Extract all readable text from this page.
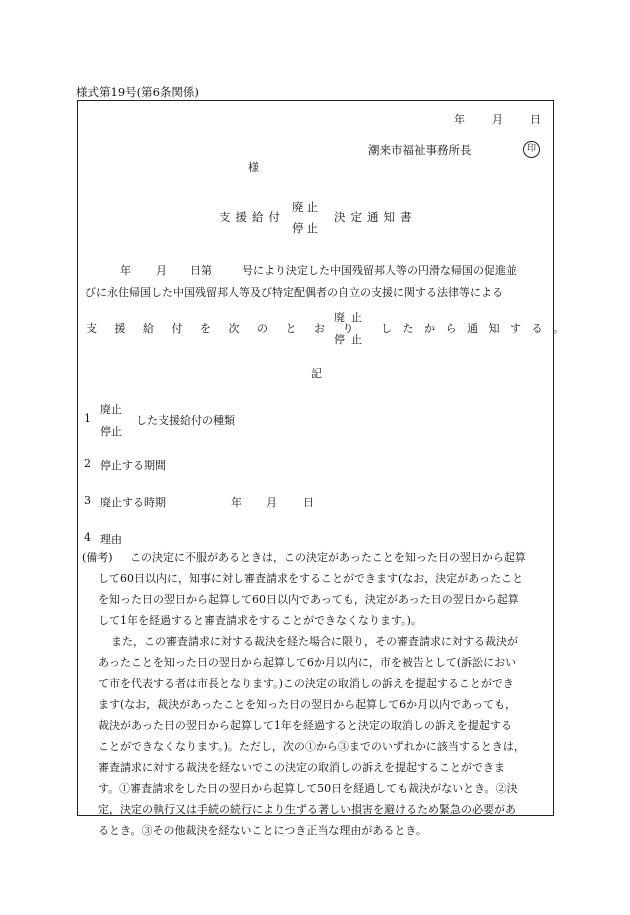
様式第19号(第6条関係)
年 月 日
潮来市福祉事務所長	印
様
支援給付
廃止
停止
決定通知書
年 月 日第	号により決定した中国残留邦人等の円滑な帰国の促進並
びに永住帰国した中国残留邦人等及び特定配偶者の自立の支援に関する法律等による
支援給付を次のとおり
廃止
停止
したから通知する。
記
1
廃止
停止
した支援給付の種類
2 停止する期間
3 廃止する時期	年 月 日
4 理由
(備考) この決定に不服があるときは，この決定があったことを知った日の翌日から起算
して60日以内に，知事に対し審査請求をすることができます(なお，決定があったこと
を知った日の翌日から起算して60日以内であっても，決定があった日の翌日から起算
して1年を経過すると審査請求をすることができなくなります。)。
また，この審査請求に対する裁決を経た場合に限り，その審査請求に対する裁決が
あったことを知った日の翌日から起算して6か月以内に，市を被告として(訴訟におい
て市を代表する者は市長となります。)この決定の取消しの訴えを提起することができ
ます(なお，裁決があったことを知った日の翌日から起算して6か月以内であっても，
裁決があった日の翌日から起算して1年を経過すると決定の取消しの訴えを提起する
ことができなくなります。)。ただし，次の①から③までのいずれかに該当するときは，
審査請求に対する裁決を経ないでこの決定の取消しの訴えを提起することができま
す。①審査請求をした日の翌日から起算して50日を経過しても裁決がないとき。②決
定，決定の執行又は手続の続行により生ずる著しい損害を避けるため緊急の必要があ
るとき。③その他裁決を経ないことにつき正当な理由があるとき。
